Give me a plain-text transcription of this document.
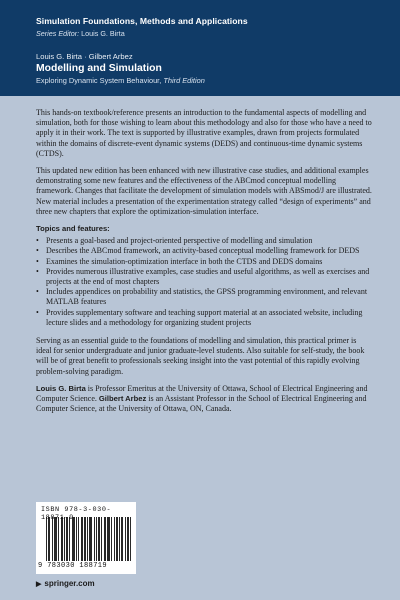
Simulation Foundations, Methods and Applications
Series Editor: Louis G. Birta
Louis G. Birta · Gilbert Arbez
Modelling and Simulation
Exploring Dynamic System Behaviour, Third Edition

This hands-on textbook/reference presents an introduction to the fundamental aspects of modelling and simulation, both for those wishing to learn about this methodology and also for those who have a need to apply it in their work. The text is supported by illustrative examples, drawn from projects formulated within the domains of discrete-event dynamic systems (DEDS) and continuous-time dynamic systems (CTDS).

This updated new edition has been enhanced with new illustrative case studies, and additional examples demonstrating some new features and the effectiveness of the ABCmod conceptual modelling framework. Changes that facilitate the development of simulation models with ABSmod/J are illustrated. New material includes a presentation of the experimentation strategy called “design of experiments” and three new chapters that explore the optimization-simulation interface.

Topics and features:
• Presents a goal-based and project-oriented perspective of modelling and simulation
• Describes the ABCmod framework, an activity-based conceptual modelling framework for DEDS
• Examines the simulation-optimization interface in both the CTDS and DEDS domains
• Provides numerous illustrative examples, case studies and useful algorithms, as well as exercises and projects at the end of most chapters
• Includes appendices on probability and statistics, the GPSS programming environment, and relevant MATLAB features
• Provides supplementary software and teaching support material at an associated website, including lecture slides and a methodology for organizing student projects

Serving as an essential guide to the foundations of modelling and simulation, this practical primer is ideal for senior undergraduate and junior graduate-level students. Also suitable for self-study, the book will be of great benefit to professionals seeking insight into the vast potential of this rapidly evolving problem-solving paradigm.

Louis G. Birta is Professor Emeritus at the University of Ottawa, School of Electrical Engineering and Computer Science. Gilbert Arbez is an Assistant Professor in the School of Electrical Engineering and Computer Science, at the University of Ottawa, ON, Canada.

ISBN 978-3-030-18871-9
9 783030 188719
▶ springer.com
